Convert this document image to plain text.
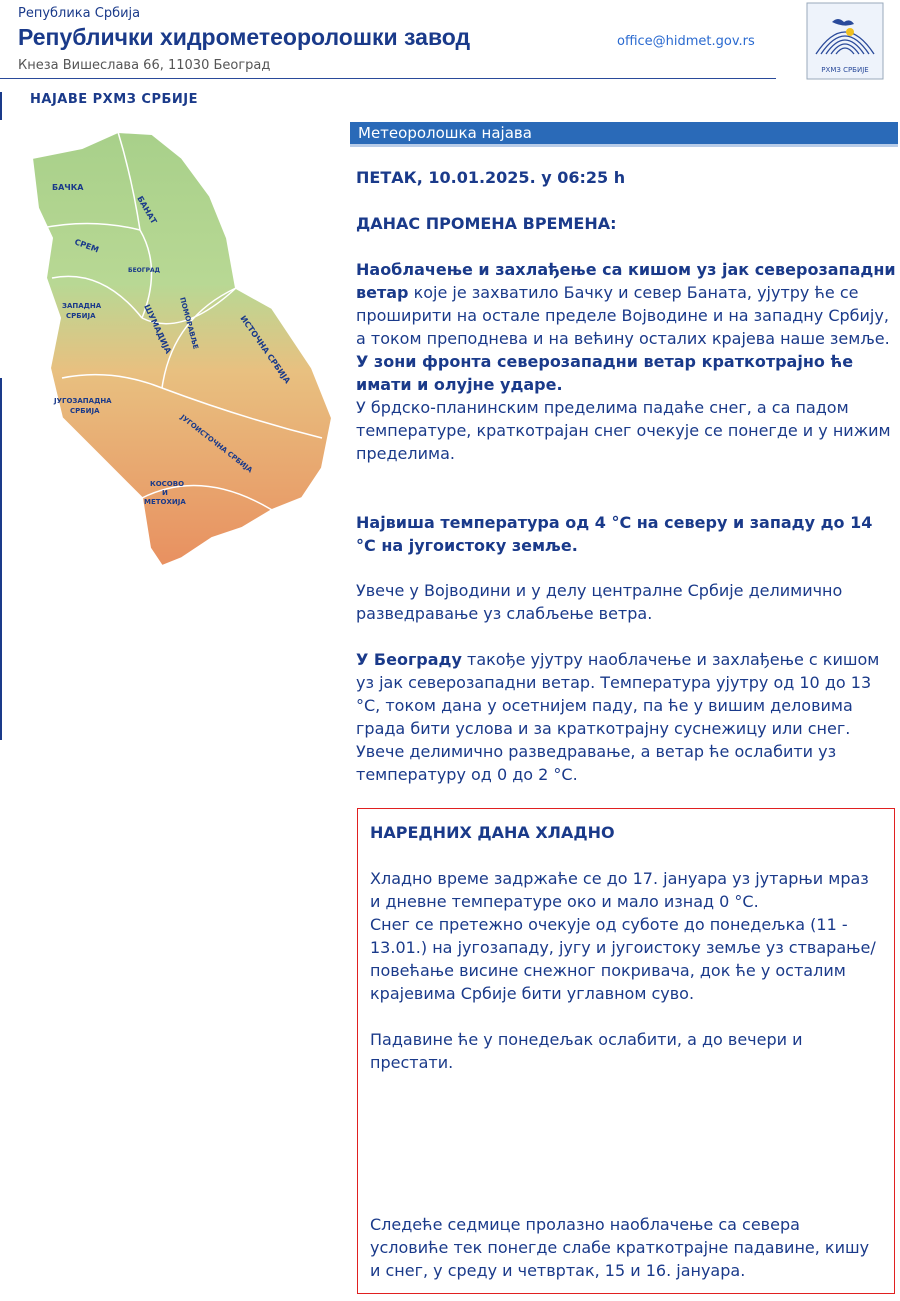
Република Србија
Републички хидрометеоролошки завод
Кнеза Вишеслава 66, 11030 Београд
office@hidmet.gov.rs
РХМЗ СРБИЈЕ
НАЈАВЕ РХМЗ СРБИЈЕ
БАЧКА
БАНАТ
СРЕМ
БЕОГРАД
ЗАПАДНА
СРБИЈА	ШУМАДИЈА ПОМОРАВЉЕ	ИСТОЧНА СРБИЈА
ЈУГОЗАПАДНА
СРБИЈА
ЈУГОИСТОЧНА СРБИЈА
КОСОВО
И
МЕТОХИЈА
Метеоролошка најава
ПЕТАК, 10.01.2025. у 06:25 h
ДАНАС ПРОМЕНА ВРЕМЕНА:
Наоблачење и захлађење са кишом уз јак северозападни ветар које је захватило Бачку и север Баната, ујутру ће се проширити на остале пределе Војводине и на западну Србију, а током преподнева и на већину осталих крајева наше земље.
У зони фронта северозападни ветар краткотрајно ће имати и олујне ударе.
У брдско-планинским пределима падаће снег, а са падом температуре, краткотрајан снег очекује се понегде и у нижим пределима.
Највиша температура од 4 °C на северу и западу до 14 °C на југоистоку земље.
Увече у Војводини и у делу централне Србије делимично разведравање уз слабљење ветра.
У Београду такође ујутру наоблачење и захлађење с кишом уз јак северозападни ветар. Температура ујутру од 10 до 13 °C, током дана у осетнијем паду, па ће у вишим деловима града бити услова и за краткотрајну суснежицу или снег. Увече делимично разведравање, а ветар ће ослабити уз температуру од 0 до 2 °C.
НАРЕДНИХ ДАНА ХЛАДНО
Хладно време задржаће се до 17. јануара уз јутарњи мраз и дневне температуре око и мало изнад 0 °C.
Снег се претежно очекује од суботе до понедељка (11 - 13.01.) на југозападу, југу и југоистоку земље уз стварање/повећање висине снежног покривача, док ће у осталим крајевима Србије бити углавном суво.

Падавине ће у понедељак ослабити, а до вечери и престати.
Следеће седмице пролазно наоблачење са севера условиће тек понегде слабе краткотрајне падавине, кишу и снег, у среду и четвртак, 15 и 16. јануара.
